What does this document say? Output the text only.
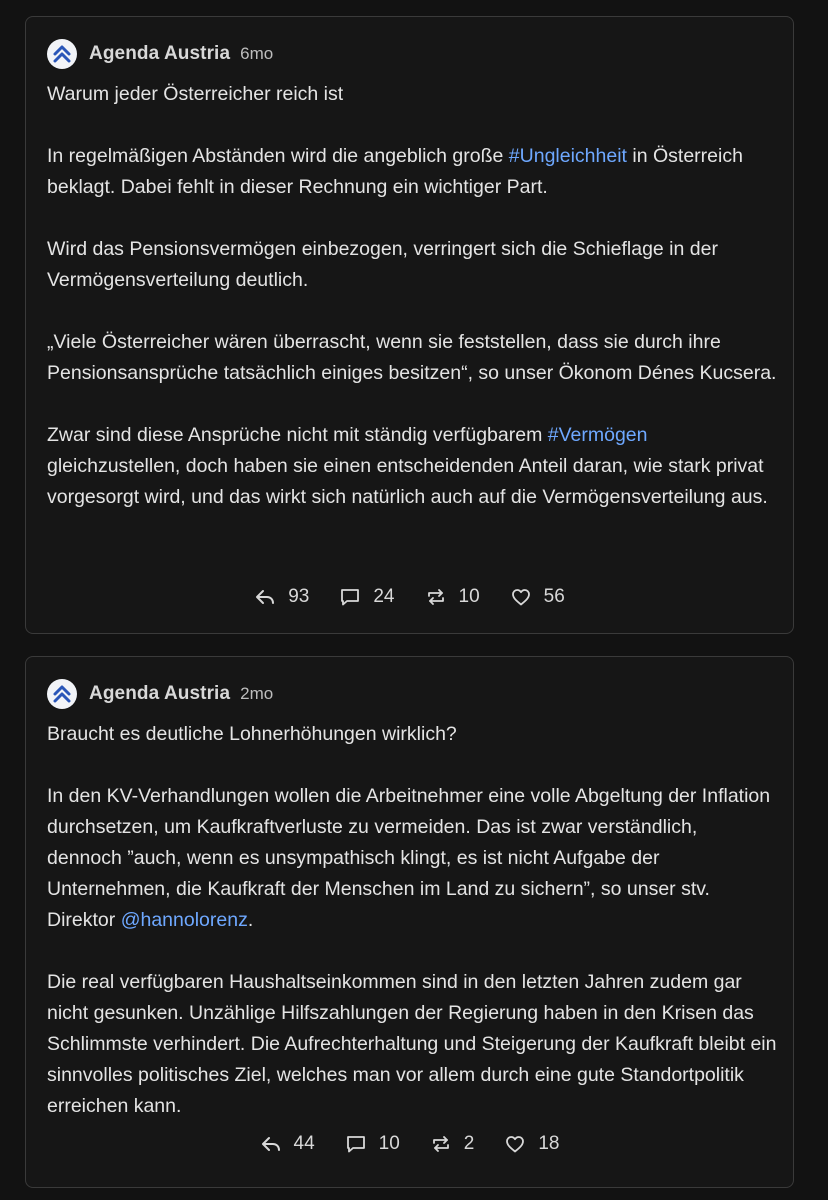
Agenda Austria 6mo

Warum jeder Österreicher reich ist

In regelmäßigen Abständen wird die angeblich große #Ungleichheit in Österreich beklagt. Dabei fehlt in dieser Rechnung ein wichtiger Part.

Wird das Pensionsvermögen einbezogen, verringert sich die Schieflage in der Vermögensverteilung deutlich.

„Viele Österreicher wären überrascht, wenn sie feststellen, dass sie durch ihre Pensionsansprüche tatsächlich einiges besitzen“, so unser Ökonom Dénes Kucsera.

Zwar sind diese Ansprüche nicht mit ständig verfügbarem #Vermögen gleichzustellen, doch haben sie einen entscheidenden Anteil daran, wie stark privat vorgesorgt wird, und das wirkt sich natürlich auch auf die Vermögensverteilung aus.

93	24	10	56
Agenda Austria 2mo

Braucht es deutliche Lohnerhöhungen wirklich?

In den KV-Verhandlungen wollen die Arbeitnehmer eine volle Abgeltung der Inflation durchsetzen, um Kaufkraftverluste zu vermeiden. Das ist zwar verständlich, dennoch ”auch, wenn es unsympathisch klingt, es ist nicht Aufgabe der Unternehmen, die Kaufkraft der Menschen im Land zu sichern”, so unser stv. Direktor @hannolorenz.

Die real verfügbaren Haushaltseinkommen sind in den letzten Jahren zudem gar nicht gesunken. Unzählige Hilfszahlungen der Regierung haben in den Krisen das Schlimmste verhindert. Die Aufrechterhaltung und Steigerung der Kaufkraft bleibt ein sinnvolles politisches Ziel, welches man vor allem durch eine gute Standortpolitik erreichen kann.

44	10	2	18
